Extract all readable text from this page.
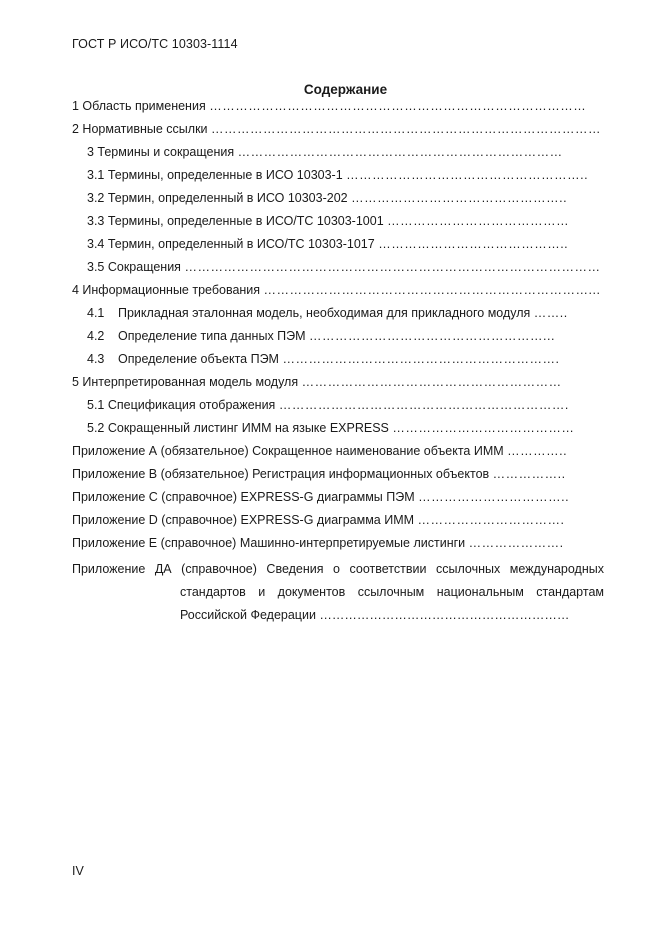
ГОСТ Р ИСО/ТС 10303-1114
Содержание
1 Область применения ……………………………………………………………………………
2 Нормативные ссылки ………………………………………………………………………………
3 Термины и сокращения …………………………………………………………………
3.1 Термины, определенные в ИСО 10303-1 ………………………………………………..
3.2 Термин, определенный в ИСО 10303-202 …………………………………………..
3.3 Термины, определенные в ИСО/ТС 10303-1001 ……………………………………
3.4 Термин, определенный в ИСО/ТС 10303-1017 ……………………………………..
3.5 Сокращения ……………………………………………………………………………………
4 Информационные требования …………………………………………………………………...
4.1 Прикладная эталонная модель, необходимая для прикладного модуля ……..
4.2 Определение типа данных ПЭМ ………………………………………………...
4.3 Определение объекта ПЭМ ……………………………………………………….
5 Интерпретированная модель модуля ……………………………………………………
5.1 Спецификация отображения ………………………………………………………….
5.2 Сокращенный листинг ИММ на языке EXPRESS ……………………………………
Приложение А (обязательное) Сокращенное наименование объекта ИММ …………..
Приложение В (обязательное) Регистрация информационных объектов ……………..
Приложение С (справочное) EXPRESS-G диаграммы ПЭМ ……………………………..
Приложение D (справочное) EXPRESS-G диаграмма ИММ …………………………….
Приложение Е (справочное) Машинно-интерпретируемые листинги ………………….
Приложение ДА (справочное) Сведения о соответствии ссылочных международных
стандартов и документов ссылочным национальным стандартам
Российской Федерации ……………………………………………………
IV
